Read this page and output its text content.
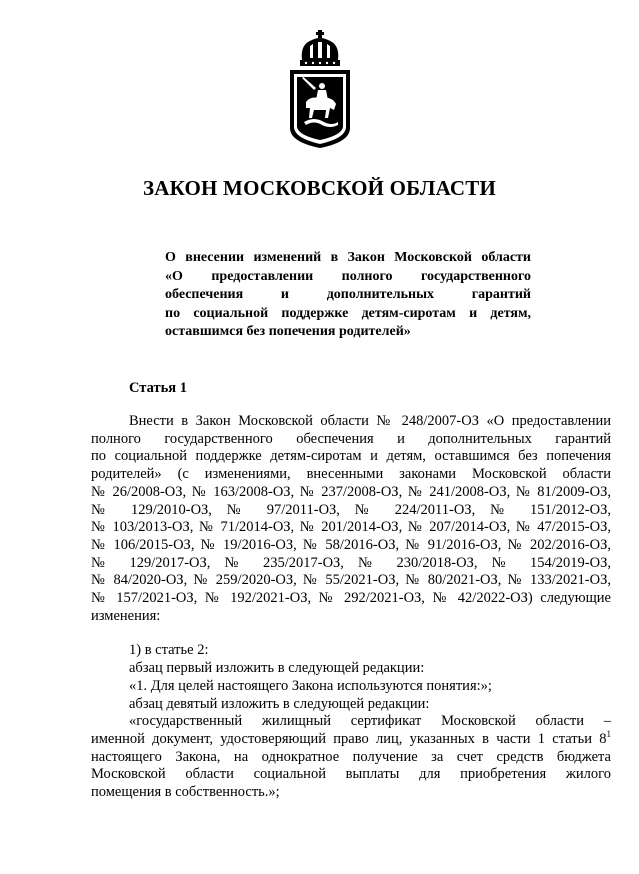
ЗАКОН МОСКОВСКОЙ ОБЛАСТИ
О внесении изменений в Закон Московской области
«О предоставлении полного государственного
обеспечения и дополнительных гарантий
по социальной поддержке детям-сиротам и детям,
оставшимся без попечения родителей»
Статья 1
Внести в Закон Московской области № 248/2007-ОЗ «О предоставлении
полного государственного обеспечения и дополнительных гарантий
по социальной поддержке детям-сиротам и детям, оставшимся без попечения
родителей» (с изменениями, внесенными законами Московской области
№ 26/2008-ОЗ, № 163/2008-ОЗ, № 237/2008-ОЗ, № 241/2008-ОЗ, № 81/2009-ОЗ,
№ 129/2010-ОЗ, № 97/2011-ОЗ, № 224/2011-ОЗ, № 151/2012-ОЗ,
№ 103/2013-ОЗ, № 71/2014-ОЗ, № 201/2014-ОЗ, № 207/2014-ОЗ, № 47/2015-ОЗ,
№ 106/2015-ОЗ, № 19/2016-ОЗ, № 58/2016-ОЗ, № 91/2016-ОЗ, № 202/2016-ОЗ,
№ 129/2017-ОЗ, № 235/2017-ОЗ, № 230/2018-ОЗ, № 154/2019-ОЗ,
№ 84/2020-ОЗ, № 259/2020-ОЗ, № 55/2021-ОЗ, № 80/2021-ОЗ, № 133/2021-ОЗ,
№ 157/2021-ОЗ, № 192/2021-ОЗ, № 292/2021-ОЗ, № 42/2022-ОЗ) следующие
изменения:
1) в статье 2:
абзац первый изложить в следующей редакции:
«1. Для целей настоящего Закона используются понятия:»;
абзац девятый изложить в следующей редакции:
«государственный жилищный сертификат Московской области –
именной документ, удостоверяющий право лиц, указанных в части 1 статьи $8^1$
настоящего Закона, на однократное получение за счет средств бюджета
Московской области социальной выплаты для приобретения жилого
помещения в собственность.»;
